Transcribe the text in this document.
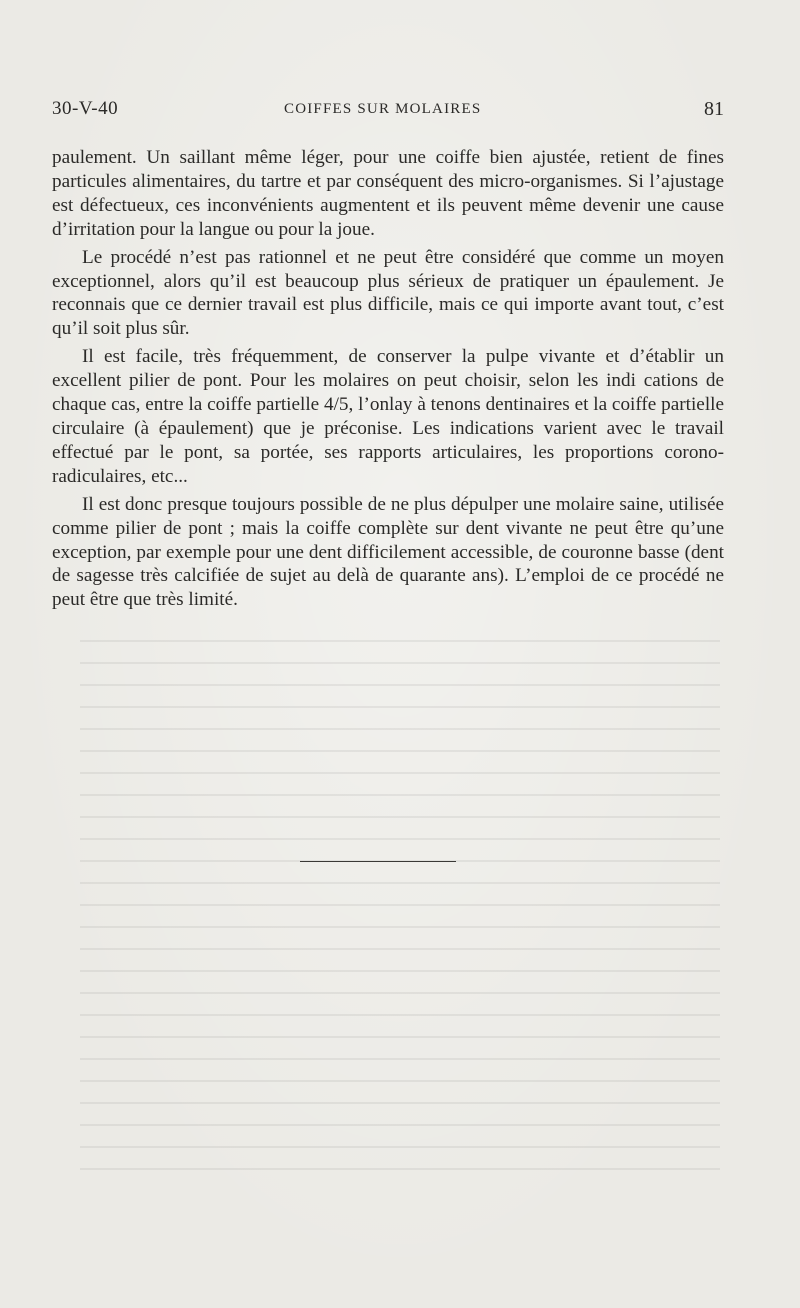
30-V-40	COIFFES SUR MOLAIRES	81

paulement. Un saillant même léger, pour une coiffe bien ajustée, retient de fines particules alimentaires, du tartre et par conséquent des micro-organismes. Si l’ajustage est défectueux, ces inconvénients augmentent et ils peuvent même devenir une cause d’irritation pour la langue ou pour la joue.

Le procédé n’est pas rationnel et ne peut être considéré que comme un moyen exceptionnel, alors qu’il est beaucoup plus sérieux de pratiquer un épaulement. Je reconnais que ce dernier travail est plus difficile, mais ce qui importe avant tout, c’est qu’il soit plus sûr.

Il est facile, très fréquemment, de conserver la pulpe vivante et d’établir un excellent pilier de pont. Pour les molaires on peut choisir, selon les indi cations de chaque cas, entre la coiffe partielle 4/5, l’onlay à tenons dentinaires et la coiffe partielle circulaire (à épaulement) que je préconise. Les indications varient avec le travail effectué par le pont, sa portée, ses rapports articulaires, les proportions corono-radiculaires, etc...

Il est donc presque toujours possible de ne plus dépulper une molaire saine, utilisée comme pilier de pont ; mais la coiffe complète sur dent vivante ne peut être qu’une exception, par exemple pour une dent difficilement accessible, de couronne basse (dent de sagesse très calcifiée de sujet au delà de quarante ans). L’emploi de ce procédé ne peut être que très limité.
